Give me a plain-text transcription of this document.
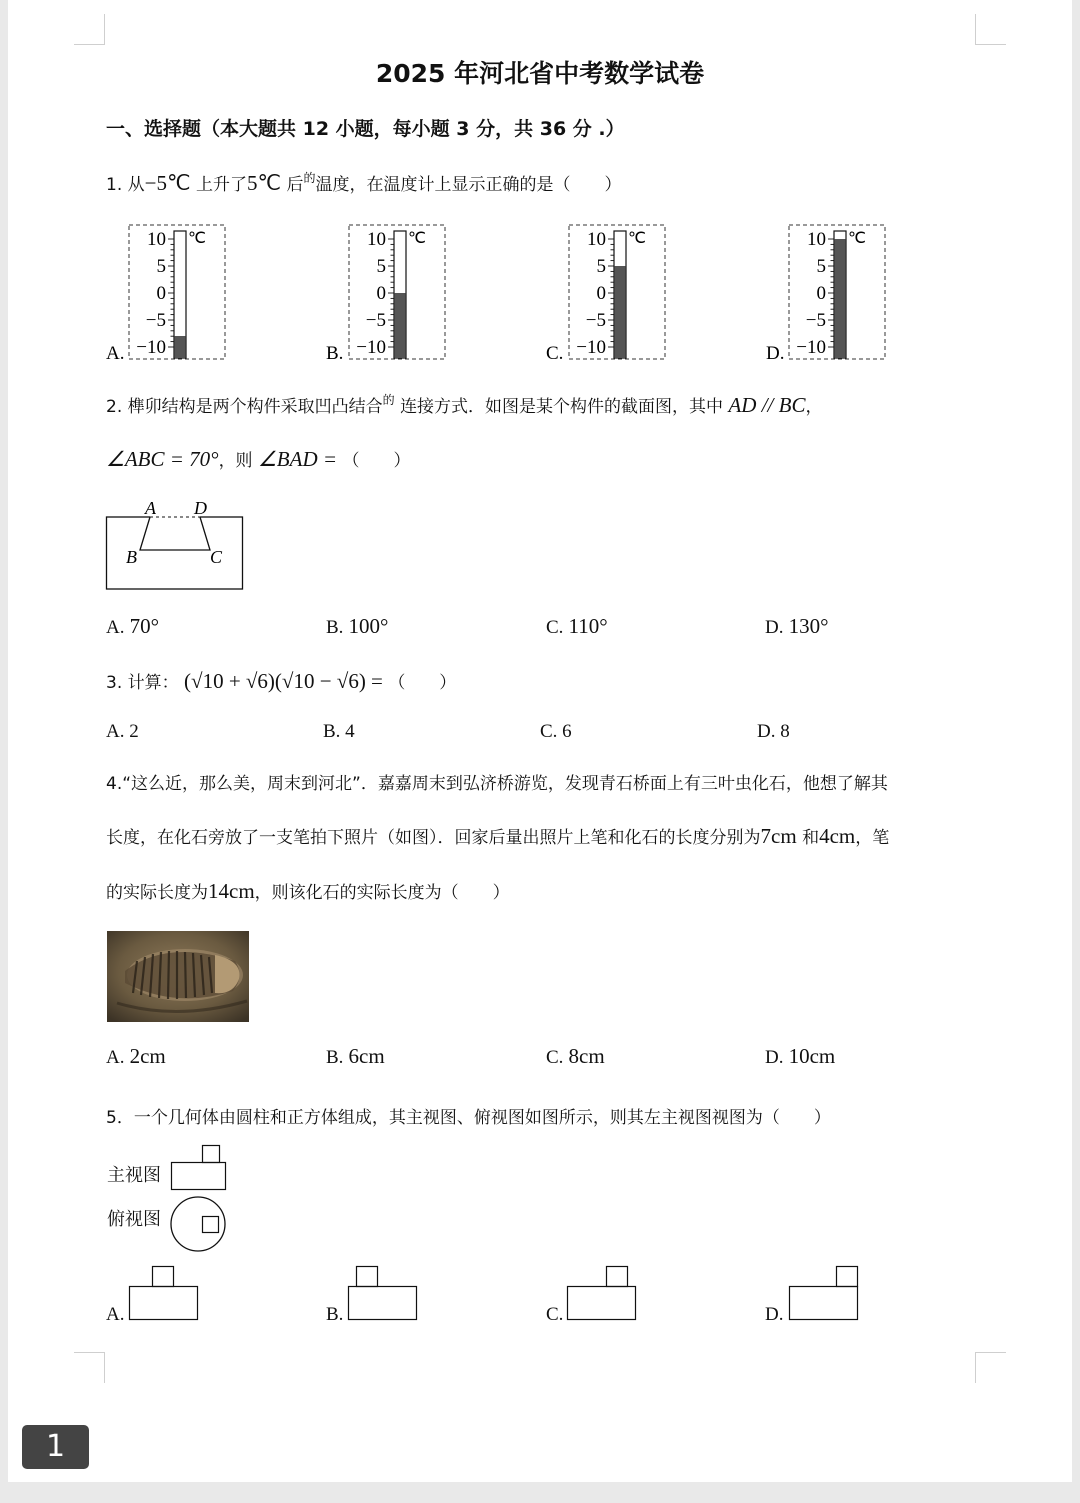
2025 年河北省中考数学试卷
一、选择题（本大题共 12 小题，每小题 3 分，共 36 分 .）
1. 从−5℃ 上升了5℃ 后$^的$温度，在温度计上显示正确的是（　　）
10
5
0
−5
−10
℃
A.
10
5
0
−5
−10
℃
B.
10
5
0
−5
−10
℃
C.
10
5
0
−5
−10
℃
D.
2. 榫卯结构是两个构件采取凹凸结合$^的$ 连接方式．如图是某个构件的截面图，其中 AD // BC，
∠ABC = 70°，则 ∠BAD = （　　）
A D
B	C
A. 70°	B. 100°	C. 110°	D. 130°
3. 计算： (√10 + √6)(√10 − √6) = （　　）
A. 2	B. 4	C. 6	D. 8
4.“这么近，那么美，周末到河北”．嘉嘉周末到弘济桥游览，发现青石桥面上有三叶虫化石，他想了解其
长度，在化石旁放了一支笔拍下照片（如图）．回家后量出照片上笔和化石的长度分别为7cm 和4cm，笔
的实际长度为14cm，则该化石的实际长度为（　　）
A. 2cm	B. 6cm	C. 8cm	D. 10cm
5．一个几何体由圆柱和正方体组成，其主视图、俯视图如图所示，则其左主视图视图为（　　）
主视图
俯视图
A.	B.	C.	D.
1
